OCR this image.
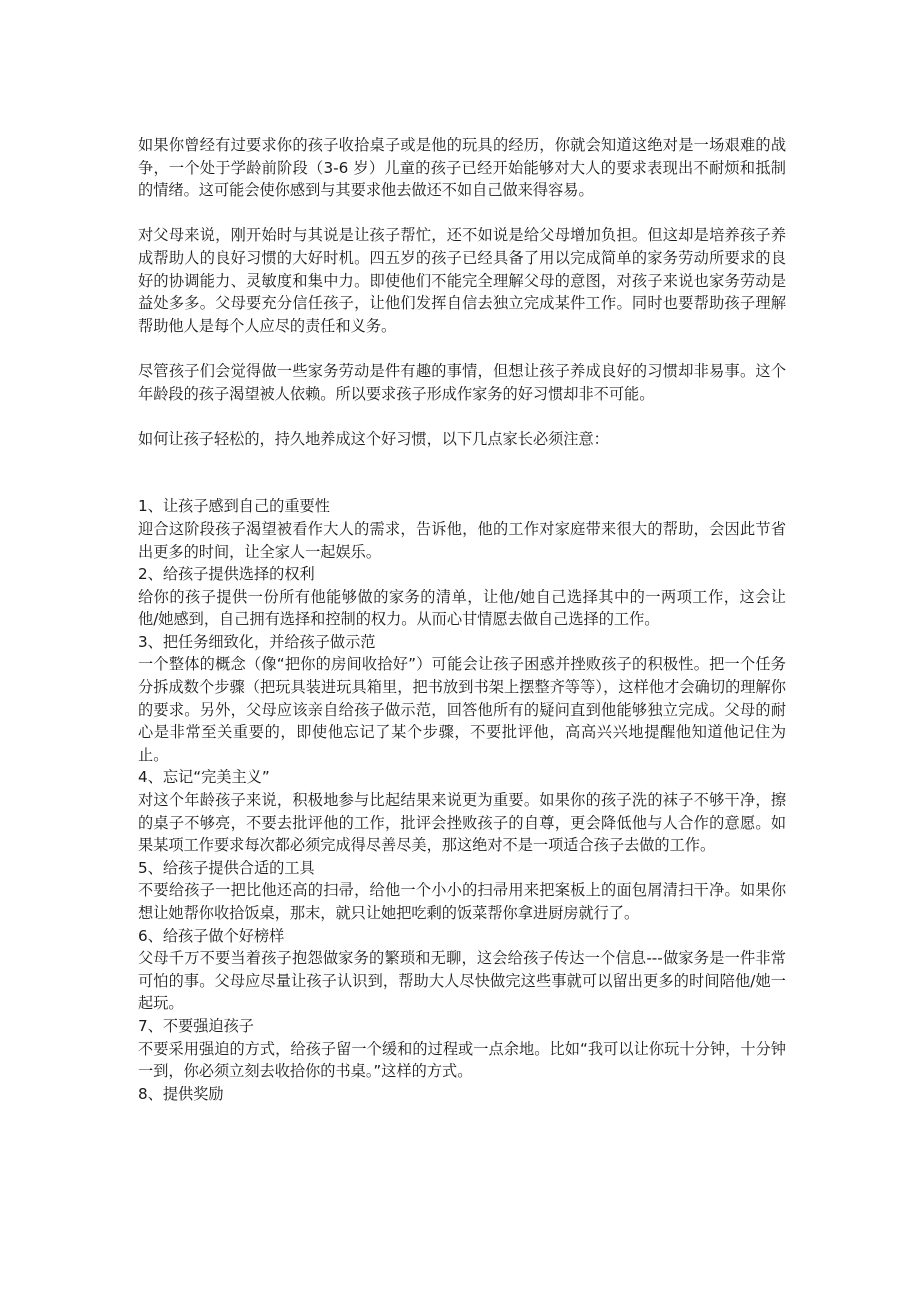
如果你曾经有过要求你的孩子收拾桌子或是他的玩具的经历，你就会知道这绝对是一场艰难的战争，一个处于学龄前阶段（3-6 岁）儿童的孩子已经开始能够对大人的要求表现出不耐烦和抵制的情绪。这可能会使你感到与其要求他去做还不如自己做来得容易。

对父母来说，刚开始时与其说是让孩子帮忙，还不如说是给父母增加负担。但这却是培养孩子养成帮助人的良好习惯的大好时机。四五岁的孩子已经具备了用以完成简单的家务劳动所要求的良好的协调能力、灵敏度和集中力。即使他们不能完全理解父母的意图，对孩子来说也家务劳动是益处多多。父母要充分信任孩子，让他们发挥自信去独立完成某件工作。同时也要帮助孩子理解帮助他人是每个人应尽的责任和义务。

尽管孩子们会觉得做一些家务劳动是件有趣的事情，但想让孩子养成良好的习惯却非易事。这个年龄段的孩子渴望被人依赖。所以要求孩子形成作家务的好习惯却非不可能。

如何让孩子轻松的，持久地养成这个好习惯，以下几点家长必须注意：

1、让孩子感到自己的重要性

迎合这阶段孩子渴望被看作大人的需求，告诉他，他的工作对家庭带来很大的帮助，会因此节省出更多的时间，让全家人一起娱乐。

2、给孩子提供选择的权利

给你的孩子提供一份所有他能够做的家务的清单，让他/她自己选择其中的一两项工作，这会让他/她感到，自己拥有选择和控制的权力。从而心甘情愿去做自己选择的工作。

3、把任务细致化，并给孩子做示范

一个整体的概念（像“把你的房间收拾好”）可能会让孩子困惑并挫败孩子的积极性。把一个任务分拆成数个步骤（把玩具装进玩具箱里，把书放到书架上摆整齐等等），这样他才会确切的理解你的要求。另外，父母应该亲自给孩子做示范，回答他所有的疑问直到他能够独立完成。父母的耐心是非常至关重要的，即使他忘记了某个步骤，不要批评他，高高兴兴地提醒他知道他记住为止。

4、忘记“完美主义”

对这个年龄孩子来说，积极地参与比起结果来说更为重要。如果你的孩子洗的袜子不够干净，擦的桌子不够亮，不要去批评他的工作，批评会挫败孩子的自尊，更会降低他与人合作的意愿。如果某项工作要求每次都必须完成得尽善尽美，那这绝对不是一项适合孩子去做的工作。

5、给孩子提供合适的工具

不要给孩子一把比他还高的扫帚，给他一个小小的扫帚用来把案板上的面包屑清扫干净。如果你想让她帮你收拾饭桌，那末，就只让她把吃剩的饭菜帮你拿进厨房就行了。

6、给孩子做个好榜样

父母千万不要当着孩子抱怨做家务的繁琐和无聊，这会给孩子传达一个信息---做家务是一件非常可怕的事。父母应尽量让孩子认识到，帮助大人尽快做完这些事就可以留出更多的时间陪他/她一起玩。

7、不要强迫孩子

不要采用强迫的方式，给孩子留一个缓和的过程或一点余地。比如“我可以让你玩十分钟，十分钟一到，你必须立刻去收拾你的书桌。”这样的方式。

8、提供奖励
